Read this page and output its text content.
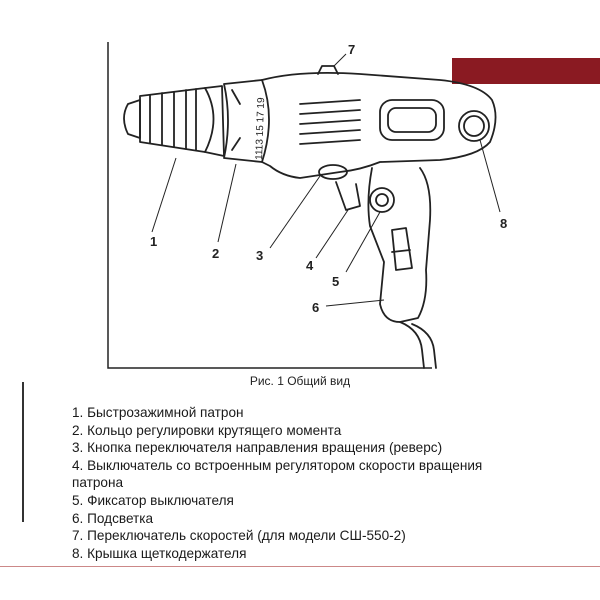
1113 15 17 19
1
2	3
4
5
6
7
8
Рис. 1 Общий вид
1. Быстрозажимной патрон
2. Кольцо регулировки крутящего момента
3. Кнопка переключателя направления вращения (реверс)
4. Выключатель со встроенным регулятором скорости вращения
патрона
5. Фиксатор выключателя
6. Подсветка
7. Переключатель скоростей (для модели СШ-550-2)
8. Крышка щеткодержателя
